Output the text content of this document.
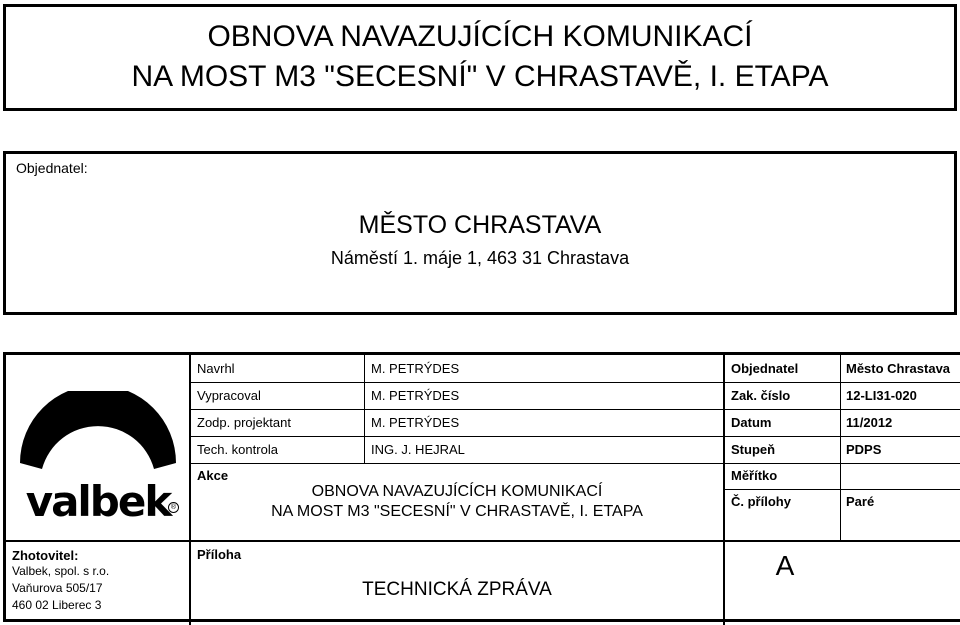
OBNOVA NAVAZUJÍCÍCH KOMUNIKACÍ
NA MOST M3 "SECESNÍ" V CHRASTAVĚ, I. ETAPA
Objednatel:
MĚSTO CHRASTAVA
Náměstí 1. máje 1, 463 31 Chrastava
Navrhl	M. PETRÝDES	Objednatel	Město Chrastava
Vypracoval	M. PETRÝDES	Zak. číslo	12-LI31-020
Zodp. projektant	M. PETRÝDES	Datum	11/2012
Tech. kontrola	ING. J. HEJRAL	Stupeň	PDPS
Akce
OBNOVA NAVAZUJÍCÍCH KOMUNIKACÍ
NA MOST M3 "SECESNÍ" V CHRASTAVĚ, I. ETAPA
Měřítko
Č. přílohy	Paré
Příloha
TECHNICKÁ ZPRÁVA
A
valbek ®
Zhotovitel:
Valbek, spol. s r.o.
Vaňurova 505/17
460 02 Liberec 3
